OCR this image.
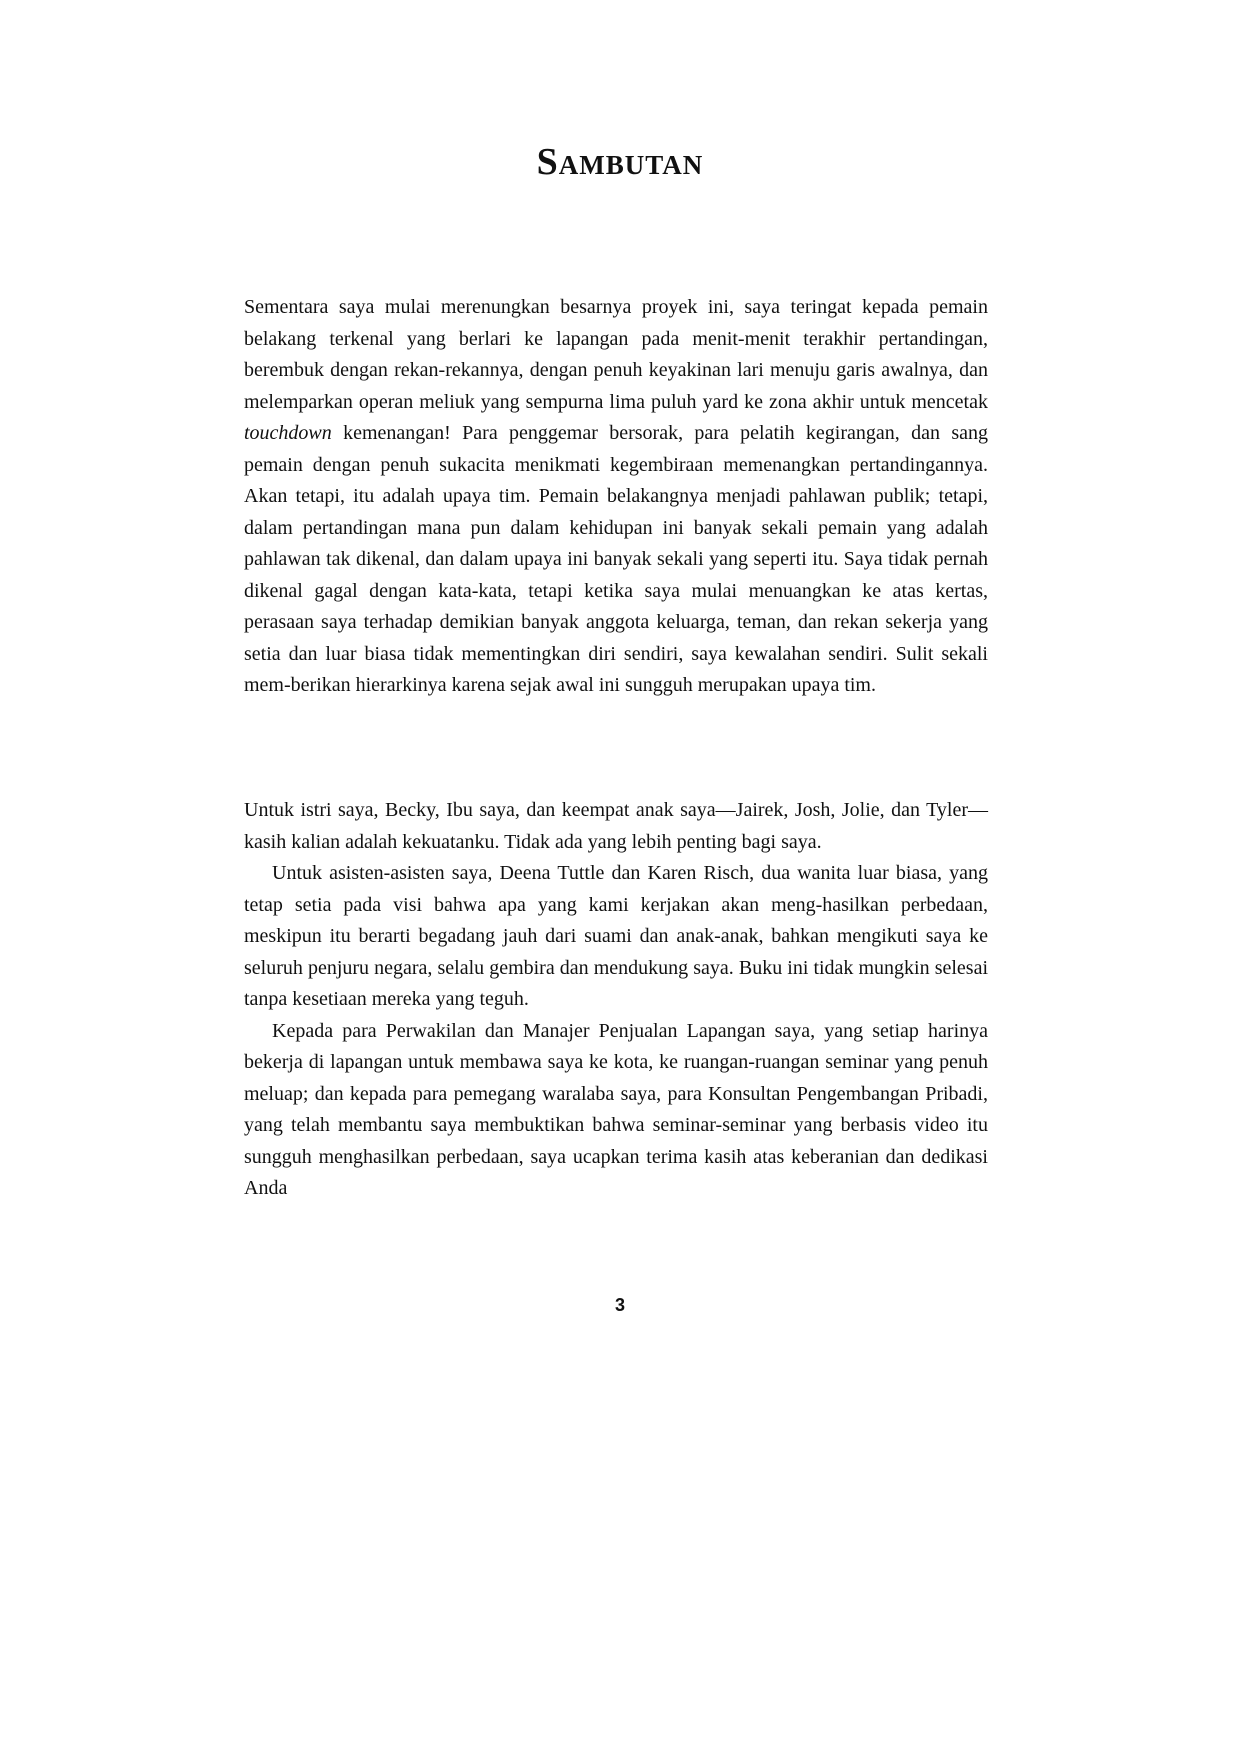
Sambutan

Sementara saya mulai merenungkan besarnya proyek ini, saya teringat kepada pemain belakang terkenal yang berlari ke lapangan pada menit-menit terakhir pertandingan, berembuk dengan rekan-rekannya, dengan penuh keyakinan lari menuju garis awalnya, dan melemparkan operan meliuk yang sempurna lima puluh yard ke zona akhir untuk mencetak touchdown kemenangan! Para penggemar bersorak, para pelatih kegirangan, dan sang pemain dengan penuh sukacita menikmati kegembiraan memenangkan pertandingannya. Akan tetapi, itu adalah upaya tim. Pemain belakangnya menjadi pahlawan publik; tetapi, dalam pertandingan mana pun dalam kehidupan ini banyak sekali pemain yang adalah pahlawan tak dikenal, dan dalam upaya ini banyak sekali yang seperti itu. Saya tidak pernah dikenal gagal dengan kata-kata, tetapi ketika saya mulai menuangkan ke atas kertas, perasaan saya terhadap demikian banyak anggota keluarga, teman, dan rekan sekerja yang setia dan luar biasa tidak mementingkan diri sendiri, saya kewalahan sendiri. Sulit sekali mem-berikan hierarkinya karena sejak awal ini sungguh merupakan upaya tim.

Untuk istri saya, Becky, Ibu saya, dan keempat anak saya—Jairek, Josh, Jolie, dan Tyler—kasih kalian adalah kekuatanku. Tidak ada yang lebih penting bagi saya.

Untuk asisten-asisten saya, Deena Tuttle dan Karen Risch, dua wanita luar biasa, yang tetap setia pada visi bahwa apa yang kami kerjakan akan meng-hasilkan perbedaan, meskipun itu berarti begadang jauh dari suami dan anak-anak, bahkan mengikuti saya ke seluruh penjuru negara, selalu gembira dan mendukung saya. Buku ini tidak mungkin selesai tanpa kesetiaan mereka yang teguh.

Kepada para Perwakilan dan Manajer Penjualan Lapangan saya, yang setiap harinya bekerja di lapangan untuk membawa saya ke kota, ke ruangan-ruangan seminar yang penuh meluap; dan kepada para pemegang waralaba saya, para Konsultan Pengembangan Pribadi, yang telah membantu saya membuktikan bahwa seminar-seminar yang berbasis video itu sungguh menghasilkan perbedaan, saya ucapkan terima kasih atas keberanian dan dedikasi Anda

3
